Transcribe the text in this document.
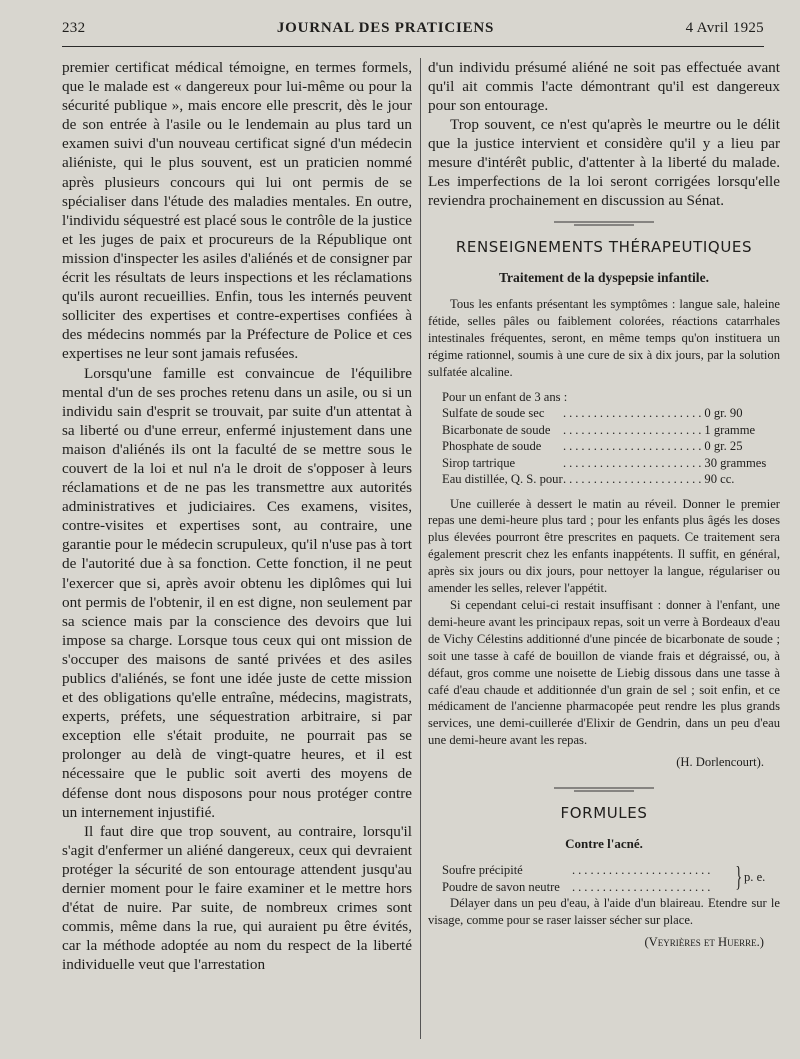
232	JOURNAL DES PRATICIENS	4 Avril 1925

premier certificat médical témoigne, en termes formels, que le malade est « dangereux pour lui-même ou pour la sécurité publique », mais encore elle prescrit, dès le jour de son entrée à l'asile ou le lendemain au plus tard un examen suivi d'un nouveau certificat signé d'un médecin aliéniste, qui le plus souvent, est un praticien nommé après plusieurs concours qui lui ont permis de se spécialiser dans l'étude des maladies mentales. En outre, l'individu séquestré est placé sous le contrôle de la justice et les juges de paix et procureurs de la République ont mission d'inspecter les asiles d'aliénés et de consigner par écrit les résultats de leurs inspections et les réclamations qu'ils auront recueillies. Enfin, tous les internés peuvent solliciter des expertises et contre-expertises confiées à des médecins nommés par la Préfecture de Police et ces expertises ne leur sont jamais refusées.

Lorsqu'une famille est convaincue de l'équilibre mental d'un de ses proches retenu dans un asile, ou si un individu sain d'esprit se trouvait, par suite d'un attentat à sa liberté ou d'une erreur, enfermé injustement dans une maison d'aliénés ils ont la faculté de se mettre sous le couvert de la loi et nul n'a le droit de s'opposer à leurs réclamations et de ne pas les transmettre aux autorités administratives et judiciaires. Ces examens, visites, contre-visites et expertises sont, au contraire, une garantie pour le médecin scrupuleux, qu'il n'use pas à tort de l'autorité due à sa fonction. Cette fonction, il ne peut l'exercer que si, après avoir obtenu les diplômes qui lui ont permis de l'obtenir, il en est digne, non seulement par sa science mais par la conscience des devoirs que lui impose sa charge. Lorsque tous ceux qui ont mission de s'occuper des maisons de santé privées et des asiles publics d'aliénés, se font une idée juste de cette mission et des obligations qu'elle entraîne, médecins, magistrats, experts, préfets, une séquestration arbitraire, si par exception elle s'était produite, ne pourrait pas se prolonger au delà de vingt-quatre heures, et il est nécessaire que le public soit averti des moyens de défense dont nous disposons pour nous protéger contre un internement injustifié.

Il faut dire que trop souvent, au contraire, lorsqu'il s'agit d'enfermer un aliéné dangereux, ceux qui devraient protéger la sécurité de son entourage attendent jusqu'au dernier moment pour le faire examiner et le mettre hors d'état de nuire. Par suite, de nombreux crimes sont commis, même dans la rue, qui auraient pu être évités, car la méthode adoptée au nom du respect de la liberté individuelle veut que l'arrestation

d'un individu présumé aliéné ne soit pas effectuée avant qu'il ait commis l'acte démontrant qu'il est dangereux pour son entourage.

Trop souvent, ce n'est qu'après le meurtre ou le délit que la justice intervient et considère qu'il y a lieu par mesure d'intérêt public, d'attenter à la liberté du malade. Les imperfections de la loi seront corrigées lorsqu'elle reviendra prochainement en discussion au Sénat.

RENSEIGNEMENTS THÉRAPEUTIQUES
Traitement de la dyspepsie infantile.

Tous les enfants présentant les symptômes : langue sale, haleine fétide, selles pâles ou faiblement colorées, réactions catarrhales intestinales fréquentes, seront, en même temps qu'on instituera un régime rationnel, soumis à une cure de six à dix jours, par la solution sulfatée alcaline.

Pour un enfant de 3 ans :
Sulfate de soude sec	....................... 0 gr. 90
Bicarbonate de soude ....................... 1 gramme
Phosphate de soude	....................... 0 gr. 25
Sirop tartrique	....................... 30 grammes
Eau distillée, Q. S. pour ....................... 90 cc.

Une cuillerée à dessert le matin au réveil. Donner le premier repas une demi-heure plus tard ; pour les enfants plus âgés les doses plus élevées pourront être prescrites en paquets. Ce traitement sera également prescrit chez les enfants inappétents. Il suffit, en général, après six jours ou dix jours, pour nettoyer la langue, régulariser ou amender les selles, relever l'appétit.

Si cependant celui-ci restait insuffisant : donner à l'enfant, une demi-heure avant les principaux repas, soit un verre à Bordeaux d'eau de Vichy Célestins additionné d'une pincée de bicarbonate de soude ; soit une tasse à café de bouillon de viande frais et dégraissé, ou, à défaut, gros comme une noisette de Liebig dissous dans une tasse à café d'eau chaude et additionnée d'un grain de sel ; soit enfin, et ce médicament de l'ancienne pharmacopée peut rendre les plus grands services, une demi-cuillerée d'Elixir de Gendrin, dans un peu d'eau une demi-heure avant les repas.

(H. Dorlencourt).
FORMULES
Contre l'acné.
Soufre précipité	.......................
Poudre de savon neutre ....................... } p. e.

Délayer dans un peu d'eau, à l'aide d'un blaireau. Etendre sur le visage, comme pour se raser laisser sécher sur place.

(Veyrières et Huerre.)
